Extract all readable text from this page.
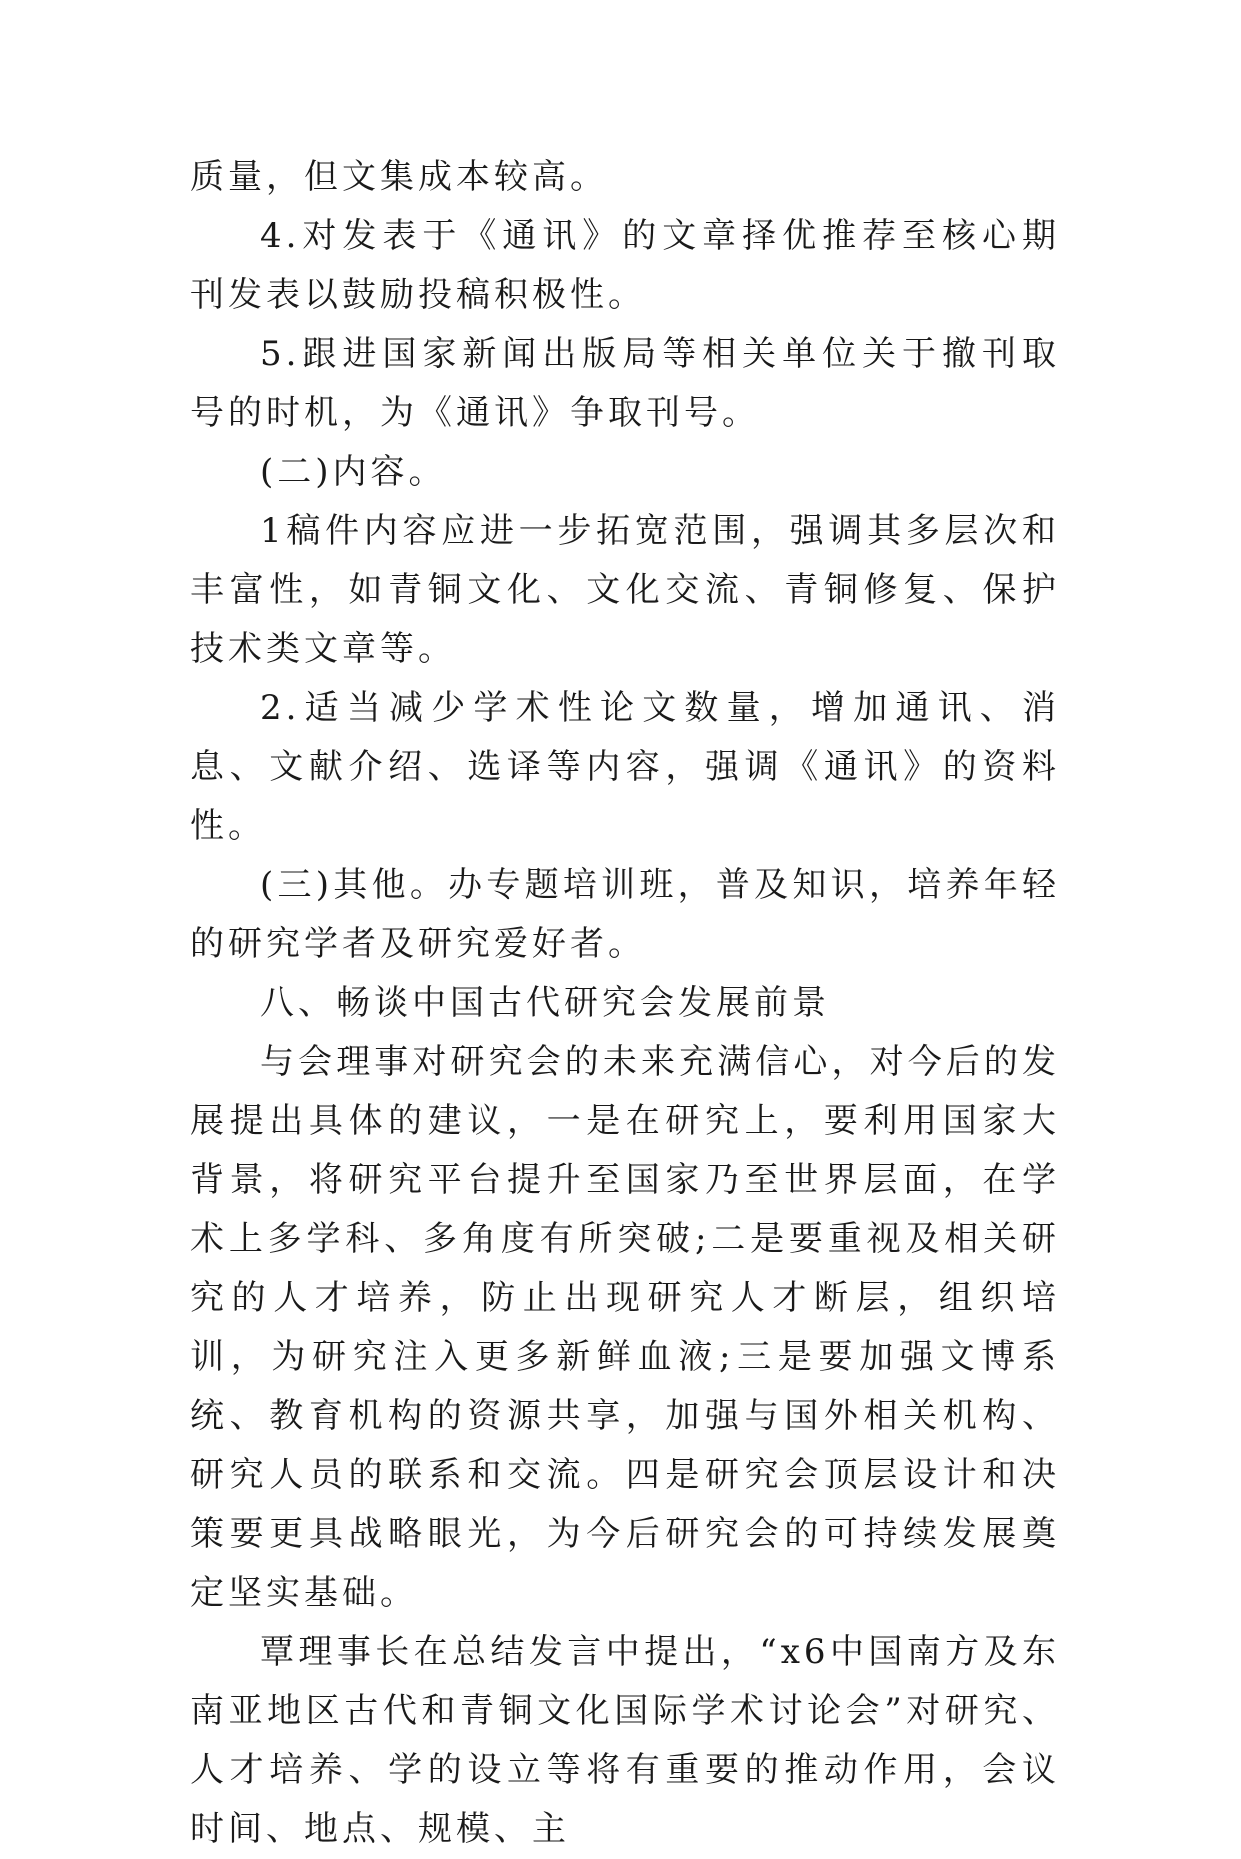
质量，但文集成本较高。

4.对发表于《通讯》的文章择优推荐至核心期刊发表以鼓励投稿积极性。

5.跟进国家新闻出版局等相关单位关于撤刊取号的时机，为《通讯》争取刊号。

(二)内容。

1稿件内容应进一步拓宽范围，强调其多层次和丰富性，如青铜文化、文化交流、青铜修复、保护技术类文章等。

2.适当减少学术性论文数量，增加通讯、消息、文献介绍、选译等内容，强调《通讯》的资料性。

(三)其他。办专题培训班，普及知识，培养年轻的研究学者及研究爱好者。

八、畅谈中国古代研究会发展前景

与会理事对研究会的未来充满信心，对今后的发展提出具体的建议，一是在研究上，要利用国家大背景，将研究平台提升至国家乃至世界层面，在学术上多学科、多角度有所突破;二是要重视及相关研究的人才培养，防止出现研究人才断层，组织培训，为研究注入更多新鲜血液;三是要加强文博系统、教育机构的资源共享，加强与国外相关机构、研究人员的联系和交流。四是研究会顶层设计和决策要更具战略眼光，为今后研究会的可持续发展奠定坚实基础。

覃理事长在总结发言中提出，“x6中国南方及东南亚地区古代和青铜文化国际学术讨论会”对研究、人才培养、学的设立等将有重要的推动作用，会议时间、地点、规模、主
